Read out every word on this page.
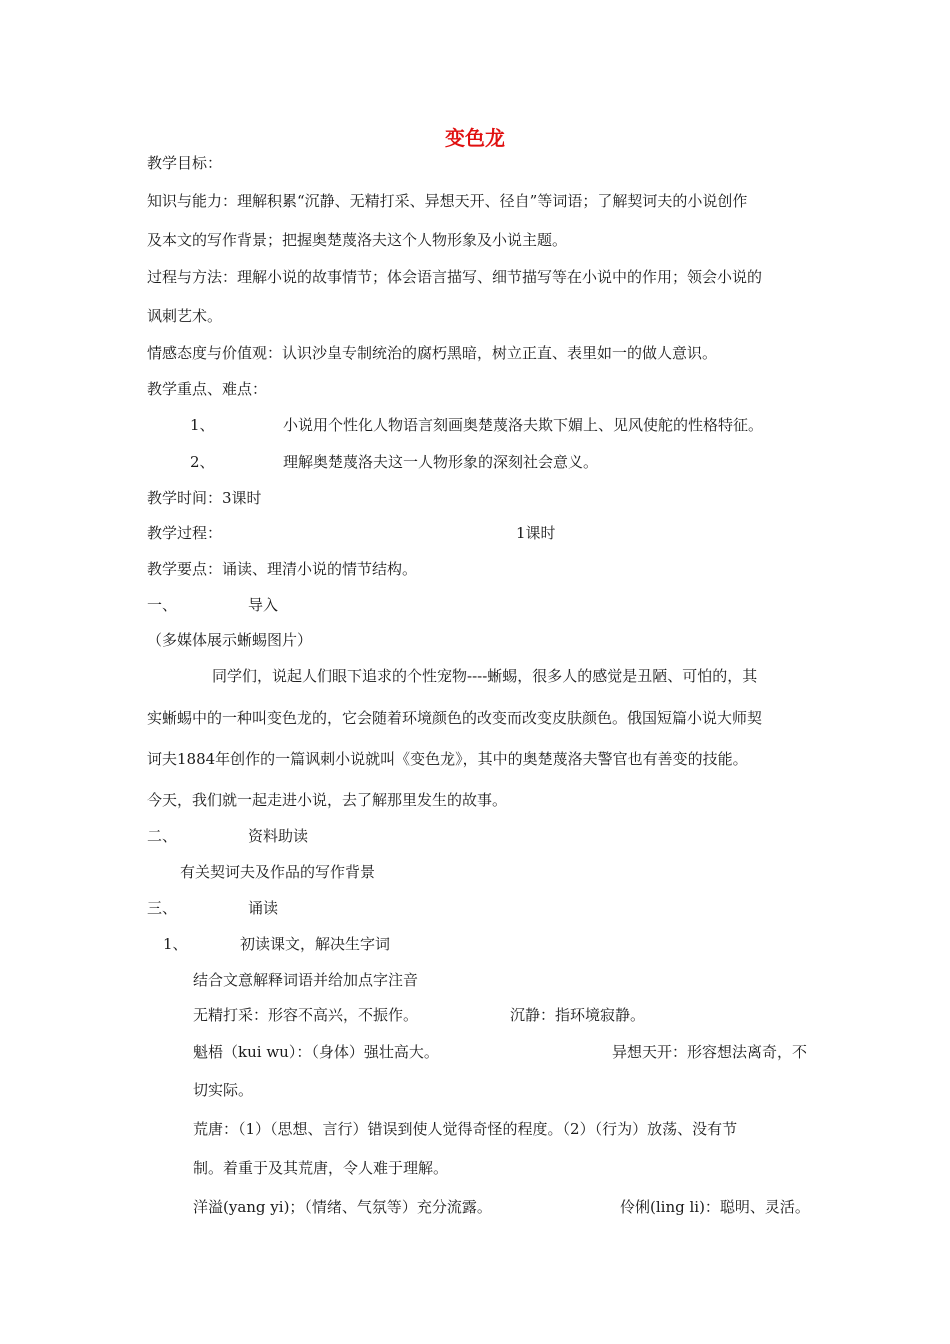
变色龙
教学目标：
知识与能力：理解积累“沉静、无精打采、异想天开、径自”等词语；了解契诃夫的小说创作
及本文的写作背景；把握奥楚蔑洛夫这个人物形象及小说主题。
过程与方法：理解小说的故事情节；体会语言描写、细节描写等在小说中的作用；领会小说的
讽刺艺术。
情感态度与价值观：认识沙皇专制统治的腐朽黑暗，树立正直、表里如一的做人意识。
教学重点、难点：
1、	小说用个性化人物语言刻画奥楚蔑洛夫欺下媚上、见风使舵的性格特征。
2、	理解奥楚蔑洛夫这一人物形象的深刻社会意义。
教学时间：3课时
教学过程：	1课时
教学要点：诵读、理清小说的情节结构。
一、	导入
（多媒体展示蜥蜴图片）
同学们，说起人们眼下追求的个性宠物----蜥蜴，很多人的感觉是丑陋、可怕的，其
实蜥蜴中的一种叫变色龙的，它会随着环境颜色的改变而改变皮肤颜色。俄国短篇小说大师契
诃夫1884年创作的一篇讽刺小说就叫《变色龙》，其中的奥楚蔑洛夫警官也有善变的技能。
今天，我们就一起走进小说，去了解那里发生的故事。
二、	资料助读
有关契诃夫及作品的写作背景
三、	诵读
1、	初读课文，解决生字词
结合文意解释词语并给加点字注音
无精打采：形容不高兴，不振作。	沉静：指环境寂静。
魁梧（kui wu）：（身体）强壮高大。	异想天开：形容想法离奇，不
切实际。
荒唐：（1）（思想、言行）错误到使人觉得奇怪的程度。（2）（行为）放荡、没有节
制。着重于及其荒唐，令人难于理解。
洋溢(yang yi)；（情绪、气氛等）充分流露。	伶俐(ling li)：聪明、灵活。
